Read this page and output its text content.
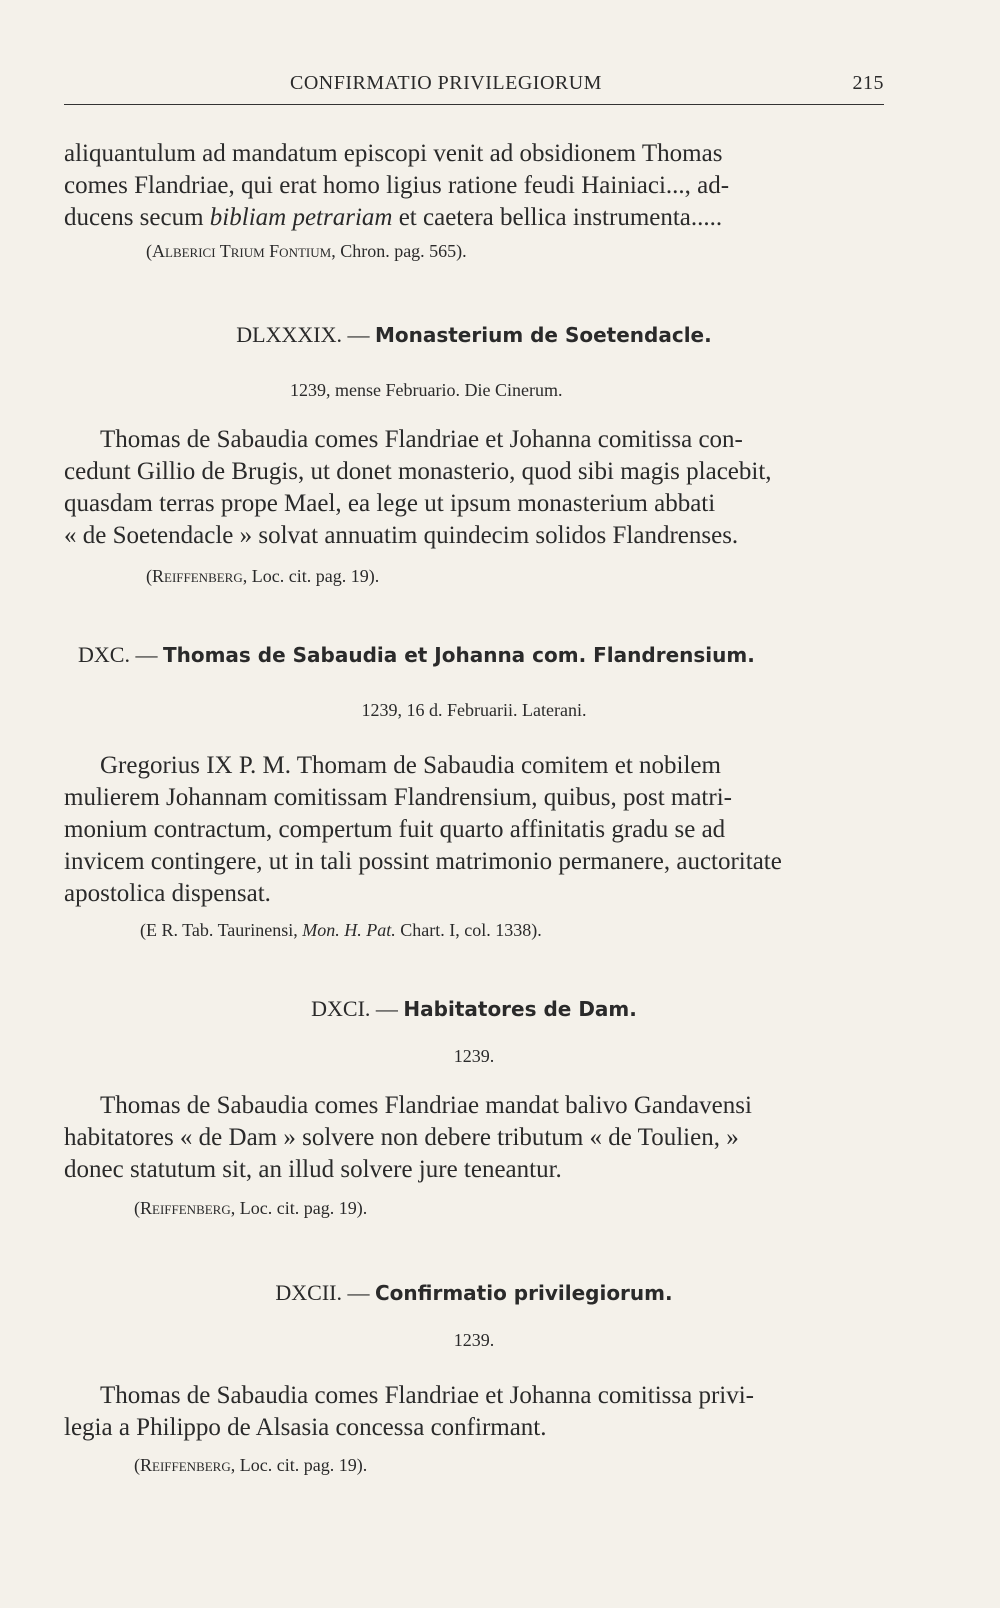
CONFIRMATIO PRIVILEGIORUM	215
aliquantulum ad mandatum episcopi venit ad obsidionem Thomas
comes Flandriae, qui erat homo ligius ratione feudi Hainiaci..., ad-
ducens secum bibliam petrariam et caetera bellica instrumenta.....
(Alberici Trium Fontium, Chron. pag. 565).
DLXXXIX. — Monasterium de Soetendacle.
1239, mense Februario. Die Cinerum.
Thomas de Sabaudia comes Flandriae et Johanna comitissa con-
cedunt Gillio de Brugis, ut donet monasterio, quod sibi magis placebit,
quasdam terras prope Mael, ea lege ut ipsum monasterium abbati
« de Soetendacle » solvat annuatim quindecim solidos Flandrenses.
(Reiffenberg, Loc. cit. pag. 19).
DXC. — Thomas de Sabaudia et Johanna com. Flandrensium.
1239, 16 d. Februarii. Laterani.
Gregorius IX P. M. Thomam de Sabaudia comitem et nobilem
mulierem Johannam comitissam Flandrensium, quibus, post matri-
monium contractum, compertum fuit quarto affinitatis gradu se ad
invicem contingere, ut in tali possint matrimonio permanere, auctoritate
apostolica dispensat.
(E R. Tab. Taurinensi, Mon. H. Pat. Chart. I, col. 1338).
DXCI. — Habitatores de Dam.
1239.
Thomas de Sabaudia comes Flandriae mandat balivo Gandavensi
habitatores « de Dam » solvere non debere tributum « de Toulien, »
donec statutum sit, an illud solvere jure teneantur.
(Reiffenberg, Loc. cit. pag. 19).
DXCII. — Confirmatio privilegiorum.
1239.
Thomas de Sabaudia comes Flandriae et Johanna comitissa privi-
legia a Philippo de Alsasia concessa confirmant.
(Reiffenberg, Loc. cit. pag. 19).
